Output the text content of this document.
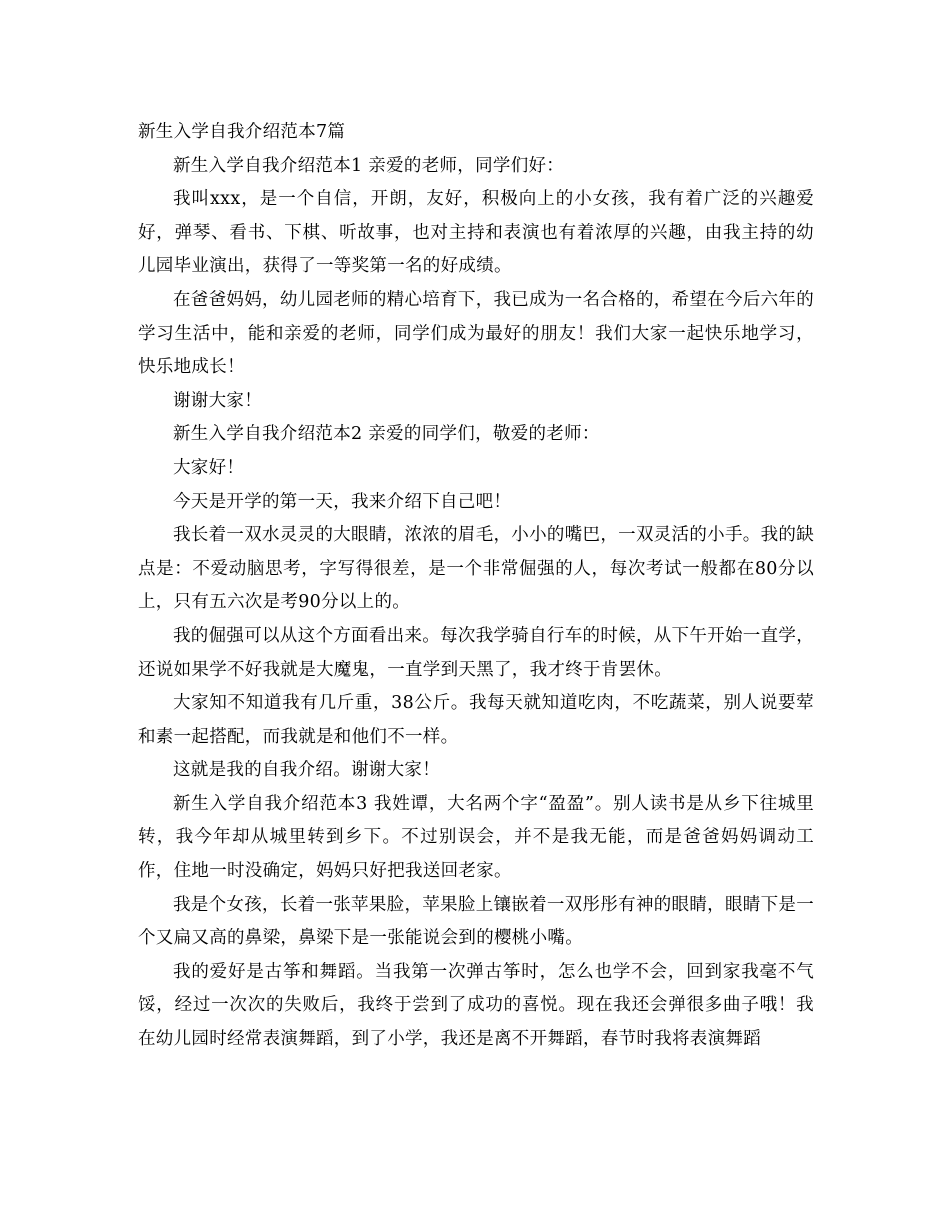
新生入学自我介绍范本7篇

新生入学自我介绍范本1 亲爱的老师，同学们好：

我叫xxx，是一个自信，开朗，友好，积极向上的小女孩，我有着广泛的兴趣爱好，弹琴、看书、下棋、听故事，也对主持和表演也有着浓厚的兴趣，由我主持的幼儿园毕业演出，获得了一等奖第一名的好成绩。

在爸爸妈妈，幼儿园老师的精心培育下，我已成为一名合格的，希望在今后六年的学习生活中，能和亲爱的老师，同学们成为最好的朋友！我们大家一起快乐地学习，快乐地成长！

谢谢大家！

新生入学自我介绍范本2 亲爱的同学们，敬爱的老师：

大家好！

今天是开学的第一天，我来介绍下自己吧！

我长着一双水灵灵的大眼睛，浓浓的眉毛，小小的嘴巴，一双灵活的小手。我的缺点是：不爱动脑思考，字写得很差，是一个非常倔强的人，每次考试一般都在80分以上，只有五六次是考90分以上的。

我的倔强可以从这个方面看出来。每次我学骑自行车的时候，从下午开始一直学，还说如果学不好我就是大魔鬼，一直学到天黑了，我才终于肯罢休。

大家知不知道我有几斤重，38公斤。我每天就知道吃肉，不吃蔬菜，别人说要荤和素一起搭配，而我就是和他们不一样。

这就是我的自我介绍。谢谢大家！

新生入学自我介绍范本3 我姓谭，大名两个字“盈盈”。别人读书是从乡下往城里转，我今年却从城里转到乡下。不过别误会，并不是我无能，而是爸爸妈妈调动工作，住地一时没确定，妈妈只好把我送回老家。

我是个女孩，长着一张苹果脸，苹果脸上镶嵌着一双彤彤有神的眼睛，眼睛下是一个又扁又高的鼻梁，鼻梁下是一张能说会到的樱桃小嘴。

我的爱好是古筝和舞蹈。当我第一次弹古筝时，怎么也学不会，回到家我毫不气馁，经过一次次的失败后，我终于尝到了成功的喜悦。现在我还会弹很多曲子哦！我在幼儿园时经常表演舞蹈，到了小学，我还是离不开舞蹈，春节时我将表演舞蹈
